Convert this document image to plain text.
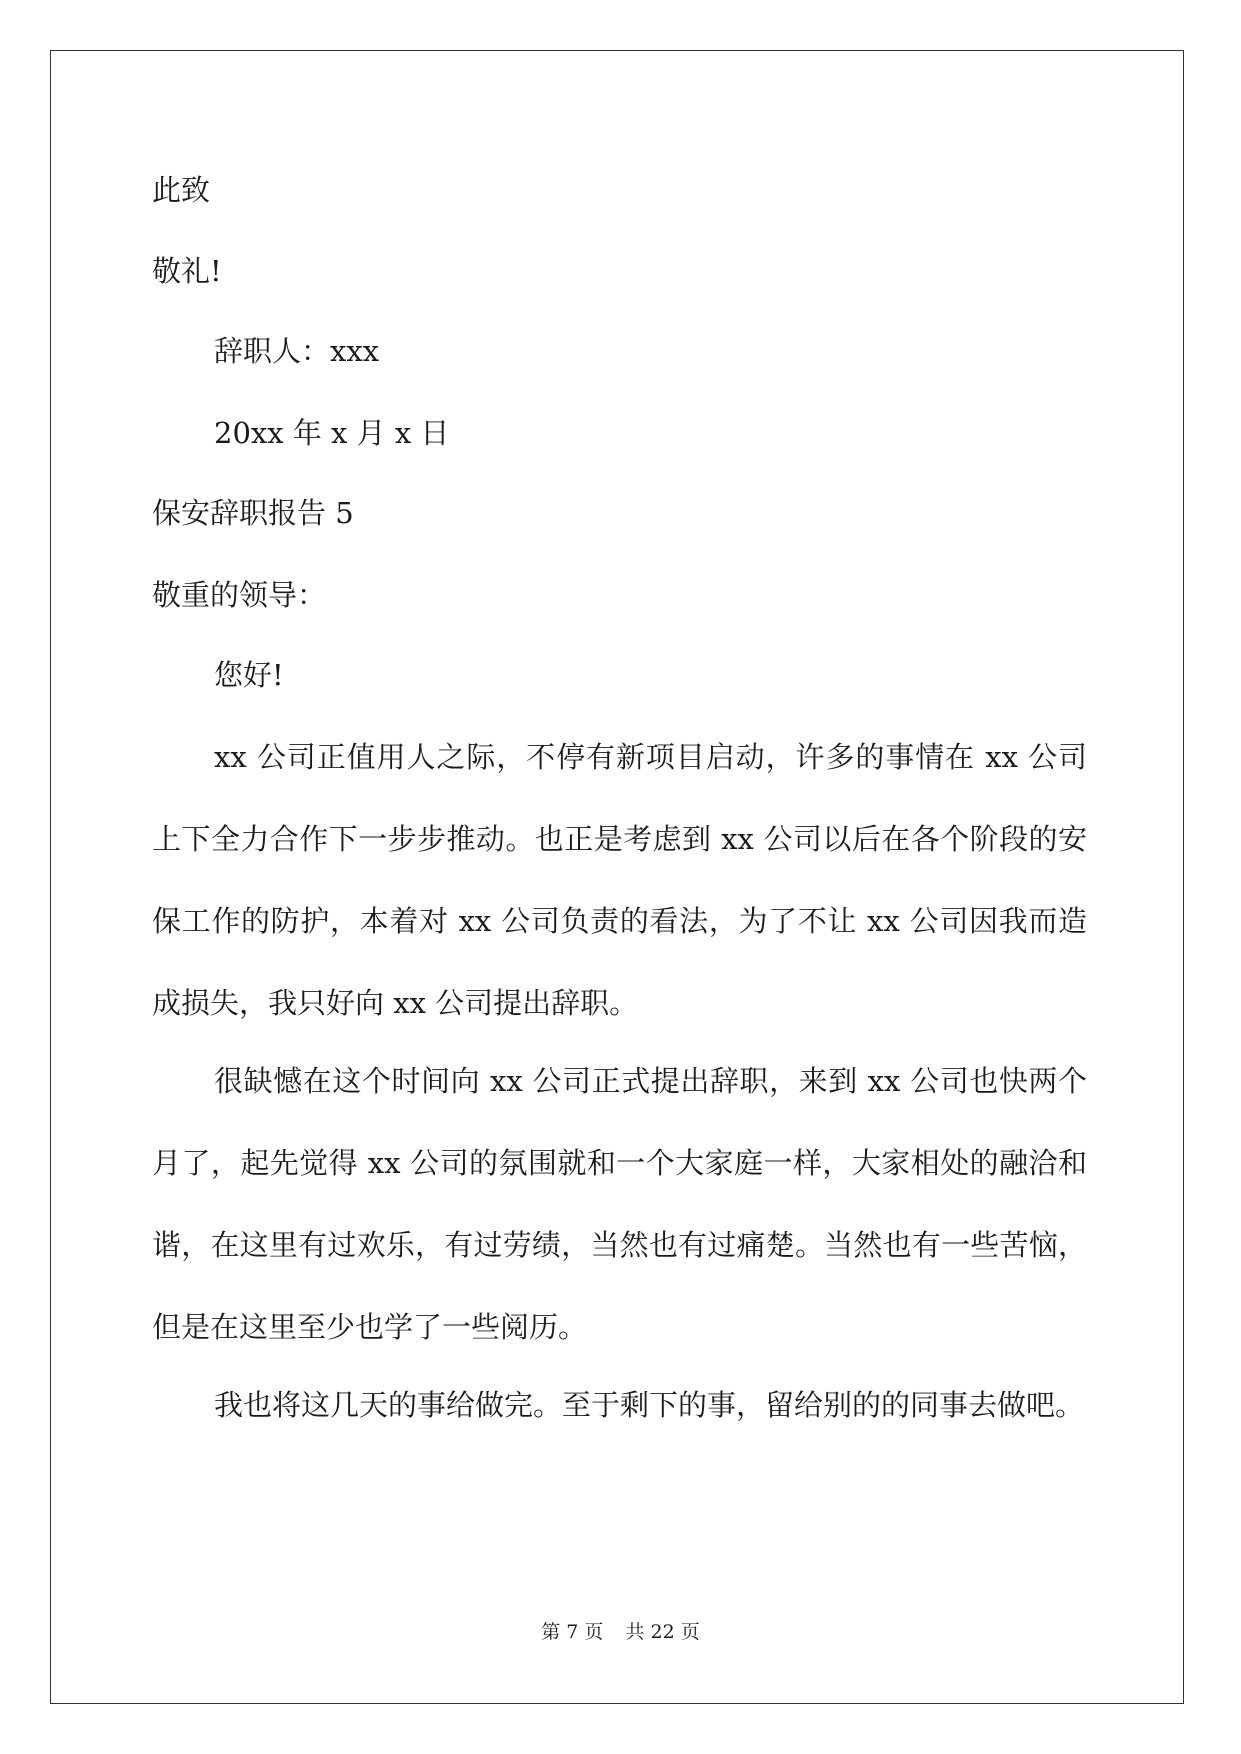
此致
敬礼!
辞职人：xxx
20xx 年 x 月 x 日
保安辞职报告 5
敬重的领导：
您好!

xx 公司正值用人之际，不停有新项目启动，许多的事情在 xx 公司上下全力合作下一步步推动。也正是考虑到 xx 公司以后在各个阶段的安保工作的防护，本着对 xx 公司负责的看法，为了不让 xx 公司因我而造成损失，我只好向 xx 公司提出辞职。

很缺憾在这个时间向 xx 公司正式提出辞职，来到 xx 公司也快两个月了，起先觉得 xx 公司的氛围就和一个大家庭一样，大家相处的融洽和谐，在这里有过欢乐，有过劳绩，当然也有过痛楚。当然也有一些苦恼，但是在这里至少也学了一些阅历。

我也将这几天的事给做完。至于剩下的事，留给别的的同事去做吧。

第 7 页 共 22 页
